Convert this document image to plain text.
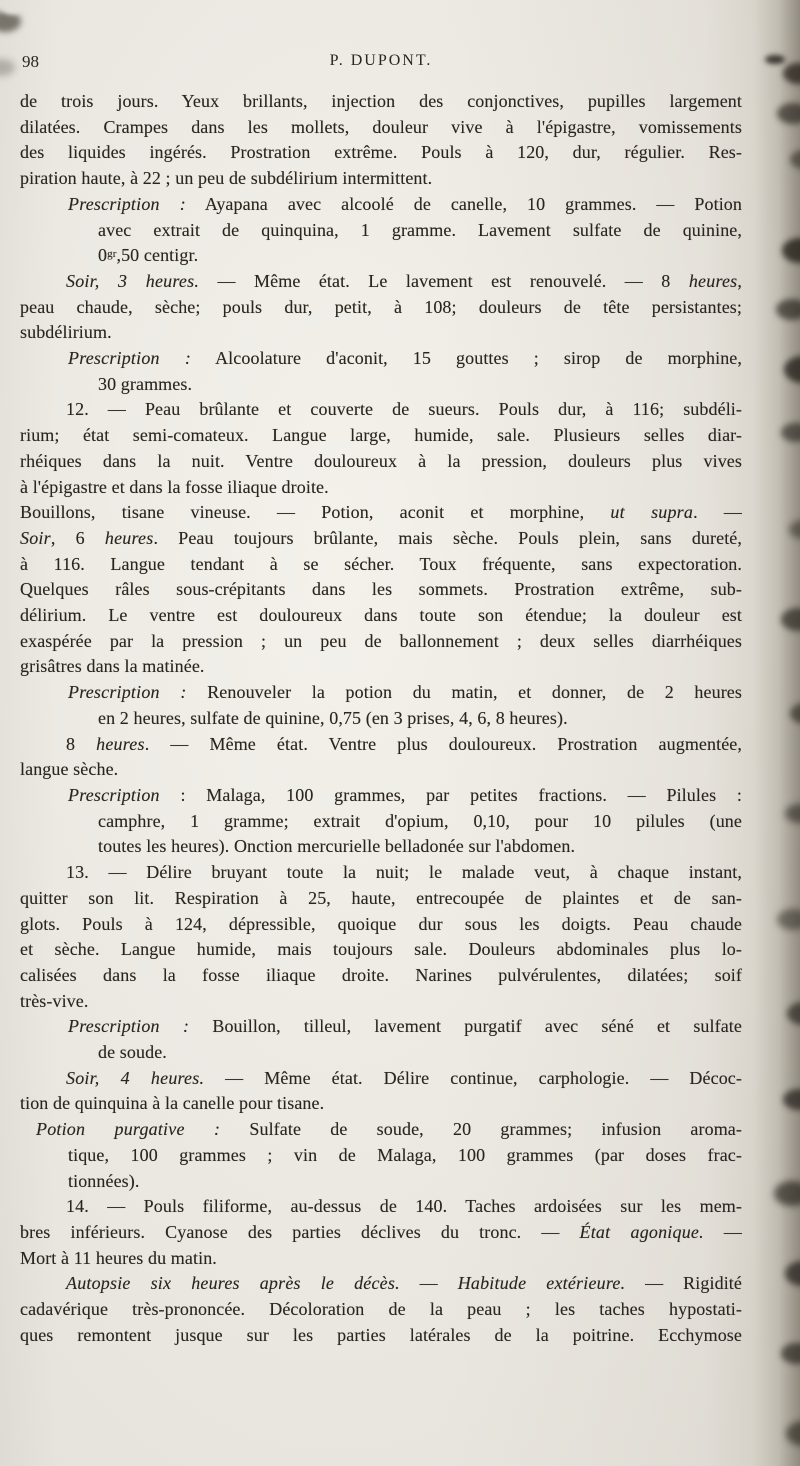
98	P. DUPONT.
de trois jours. Yeux brillants, injection des conjonctives, pupilles largement
dilatées. Crampes dans les mollets, douleur vive à l'épigastre, vomissements
des liquides ingérés. Prostration extrême. Pouls à 120, dur, régulier. Res-
piration haute, à 22 ; un peu de subdélirium intermittent.
Prescription : Ayapana avec alcoolé de canelle, 10 grammes. — Potion
avec extrait de quinquina, 1 gramme. Lavement sulfate de quinine,
$0^{gr},50$ centigr.
Soir, 3 heures. — Même état. Le lavement est renouvelé. — 8 heures,
peau chaude, sèche; pouls dur, petit, à 108; douleurs de tête persistantes;
subdélirium.
Prescription : Alcoolature d'aconit, 15 gouttes ; sirop de morphine,
30 grammes.
12. — Peau brûlante et couverte de sueurs. Pouls dur, à 116; subdéli-
rium; état semi-comateux. Langue large, humide, sale. Plusieurs selles diar-
rhéiques dans la nuit. Ventre douloureux à la pression, douleurs plus vives
à l'épigastre et dans la fosse iliaque droite.
Bouillons, tisane vineuse. — Potion, aconit et morphine, ut supra. —
Soir, 6 heures. Peau toujours brûlante, mais sèche. Pouls plein, sans dureté,
à 116. Langue tendant à se sécher. Toux fréquente, sans expectoration.
Quelques râles sous-crépitants dans les sommets. Prostration extrême, sub-
délirium. Le ventre est douloureux dans toute son étendue; la douleur est
exaspérée par la pression ; un peu de ballonnement ; deux selles diarrhéiques
grisâtres dans la matinée.
Prescription : Renouveler la potion du matin, et donner, de 2 heures
en 2 heures, sulfate de quinine, 0,75 (en 3 prises, 4, 6, 8 heures).
8 heures. — Même état. Ventre plus douloureux. Prostration augmentée,
langue sèche.
Prescription : Malaga, 100 grammes, par petites fractions. — Pilules :
camphre, 1 gramme; extrait d'opium, 0,10, pour 10 pilules (une
toutes les heures). Onction mercurielle belladonée sur l'abdomen.
13. — Délire bruyant toute la nuit; le malade veut, à chaque instant,
quitter son lit. Respiration à 25, haute, entrecoupée de plaintes et de san-
glots. Pouls à 124, dépressible, quoique dur sous les doigts. Peau chaude
et sèche. Langue humide, mais toujours sale. Douleurs abdominales plus lo-
calisées dans la fosse iliaque droite. Narines pulvérulentes, dilatées; soif
très-vive.
Prescription : Bouillon, tilleul, lavement purgatif avec séné et sulfate
de soude.
Soir, 4 heures. — Même état. Délire continue, carphologie. — Décoc-
tion de quinquina à la canelle pour tisane.
Potion purgative : Sulfate de soude, 20 grammes; infusion aroma-
tique, 100 grammes ; vin de Malaga, 100 grammes (par doses frac-
tionnées).
14. — Pouls filiforme, au-dessus de 140. Taches ardoisées sur les mem-
bres inférieurs. Cyanose des parties déclives du tronc. — État agonique. —
Mort à 11 heures du matin.
Autopsie six heures après le décès. — Habitude extérieure. — Rigidité
cadavérique très-prononcée. Décoloration de la peau ; les taches hypostati-
ques remontent jusque sur les parties latérales de la poitrine. Ecchymose
